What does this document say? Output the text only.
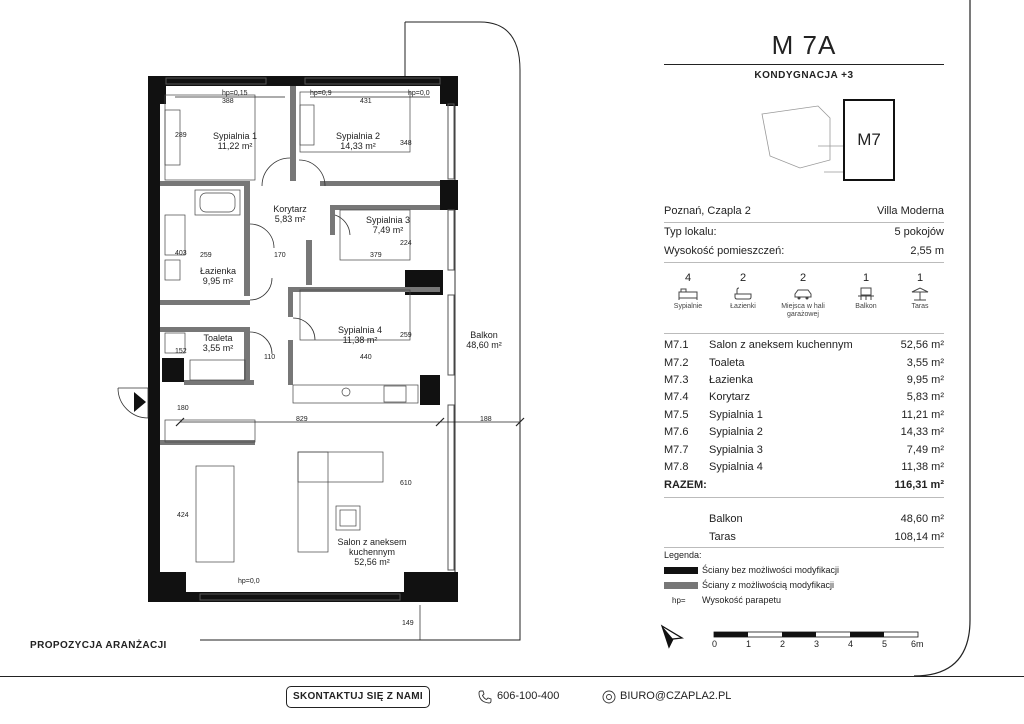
Sypialnia 1
11,22 m²
Sypialnia 2
14,33 m²
Korytarz
5,83 m²	Sypialnia 3
7,49 m²
Łazienka
9,95 m²
Toaleta
3,55 m²
Sypialnia 4
11,38 m²	Balkon
48,60 m²
Salon z aneksem kuchennym
52,56 m²
388	431
289
348
259	170	379
224
403
152
110
259
440
180
829	188
424
610
149
hp=0,15	hp=0,9	hp=0,0
hp=0,0
PROPOZYCJA ARANŻACJI
M 7A
KONDYGNACJA +3
M7
Poznań, Czapla 2	Villa Moderna
Typ lokalu:	5 pokojów
Wysokość pomieszczeń:	2,55 m
4
Sypialnie
2
Łazienki
2
Miejsca w hali garażowej
1
Balkon
1
Taras
M7.1 Salon z aneksem kuchennym	52,56 m²
M7.2 Toaleta	3,55 m²
M7.3 Łazienka	9,95 m²
M7.4 Korytarz	5,83 m²
M7.5 Sypialnia 1	11,21 m²
M7.6 Sypialnia 2	14,33 m²
M7.7 Sypialnia 3	7,49 m²
M7.8 Sypialnia 4	11,38 m²
RAZEM:	116,31 m²
Balkon	48,60 m²
Taras	108,14 m²
Legenda:
Ściany bez możliwości modyfikacji
Ściany z możliwością modyfikacji
hp= Wysokość parapetu
0	1	2	3	4	5	6m
SKONTAKTUJ SIĘ Z NAMI	606-100-400	BIURO@CZAPLA2.PL
